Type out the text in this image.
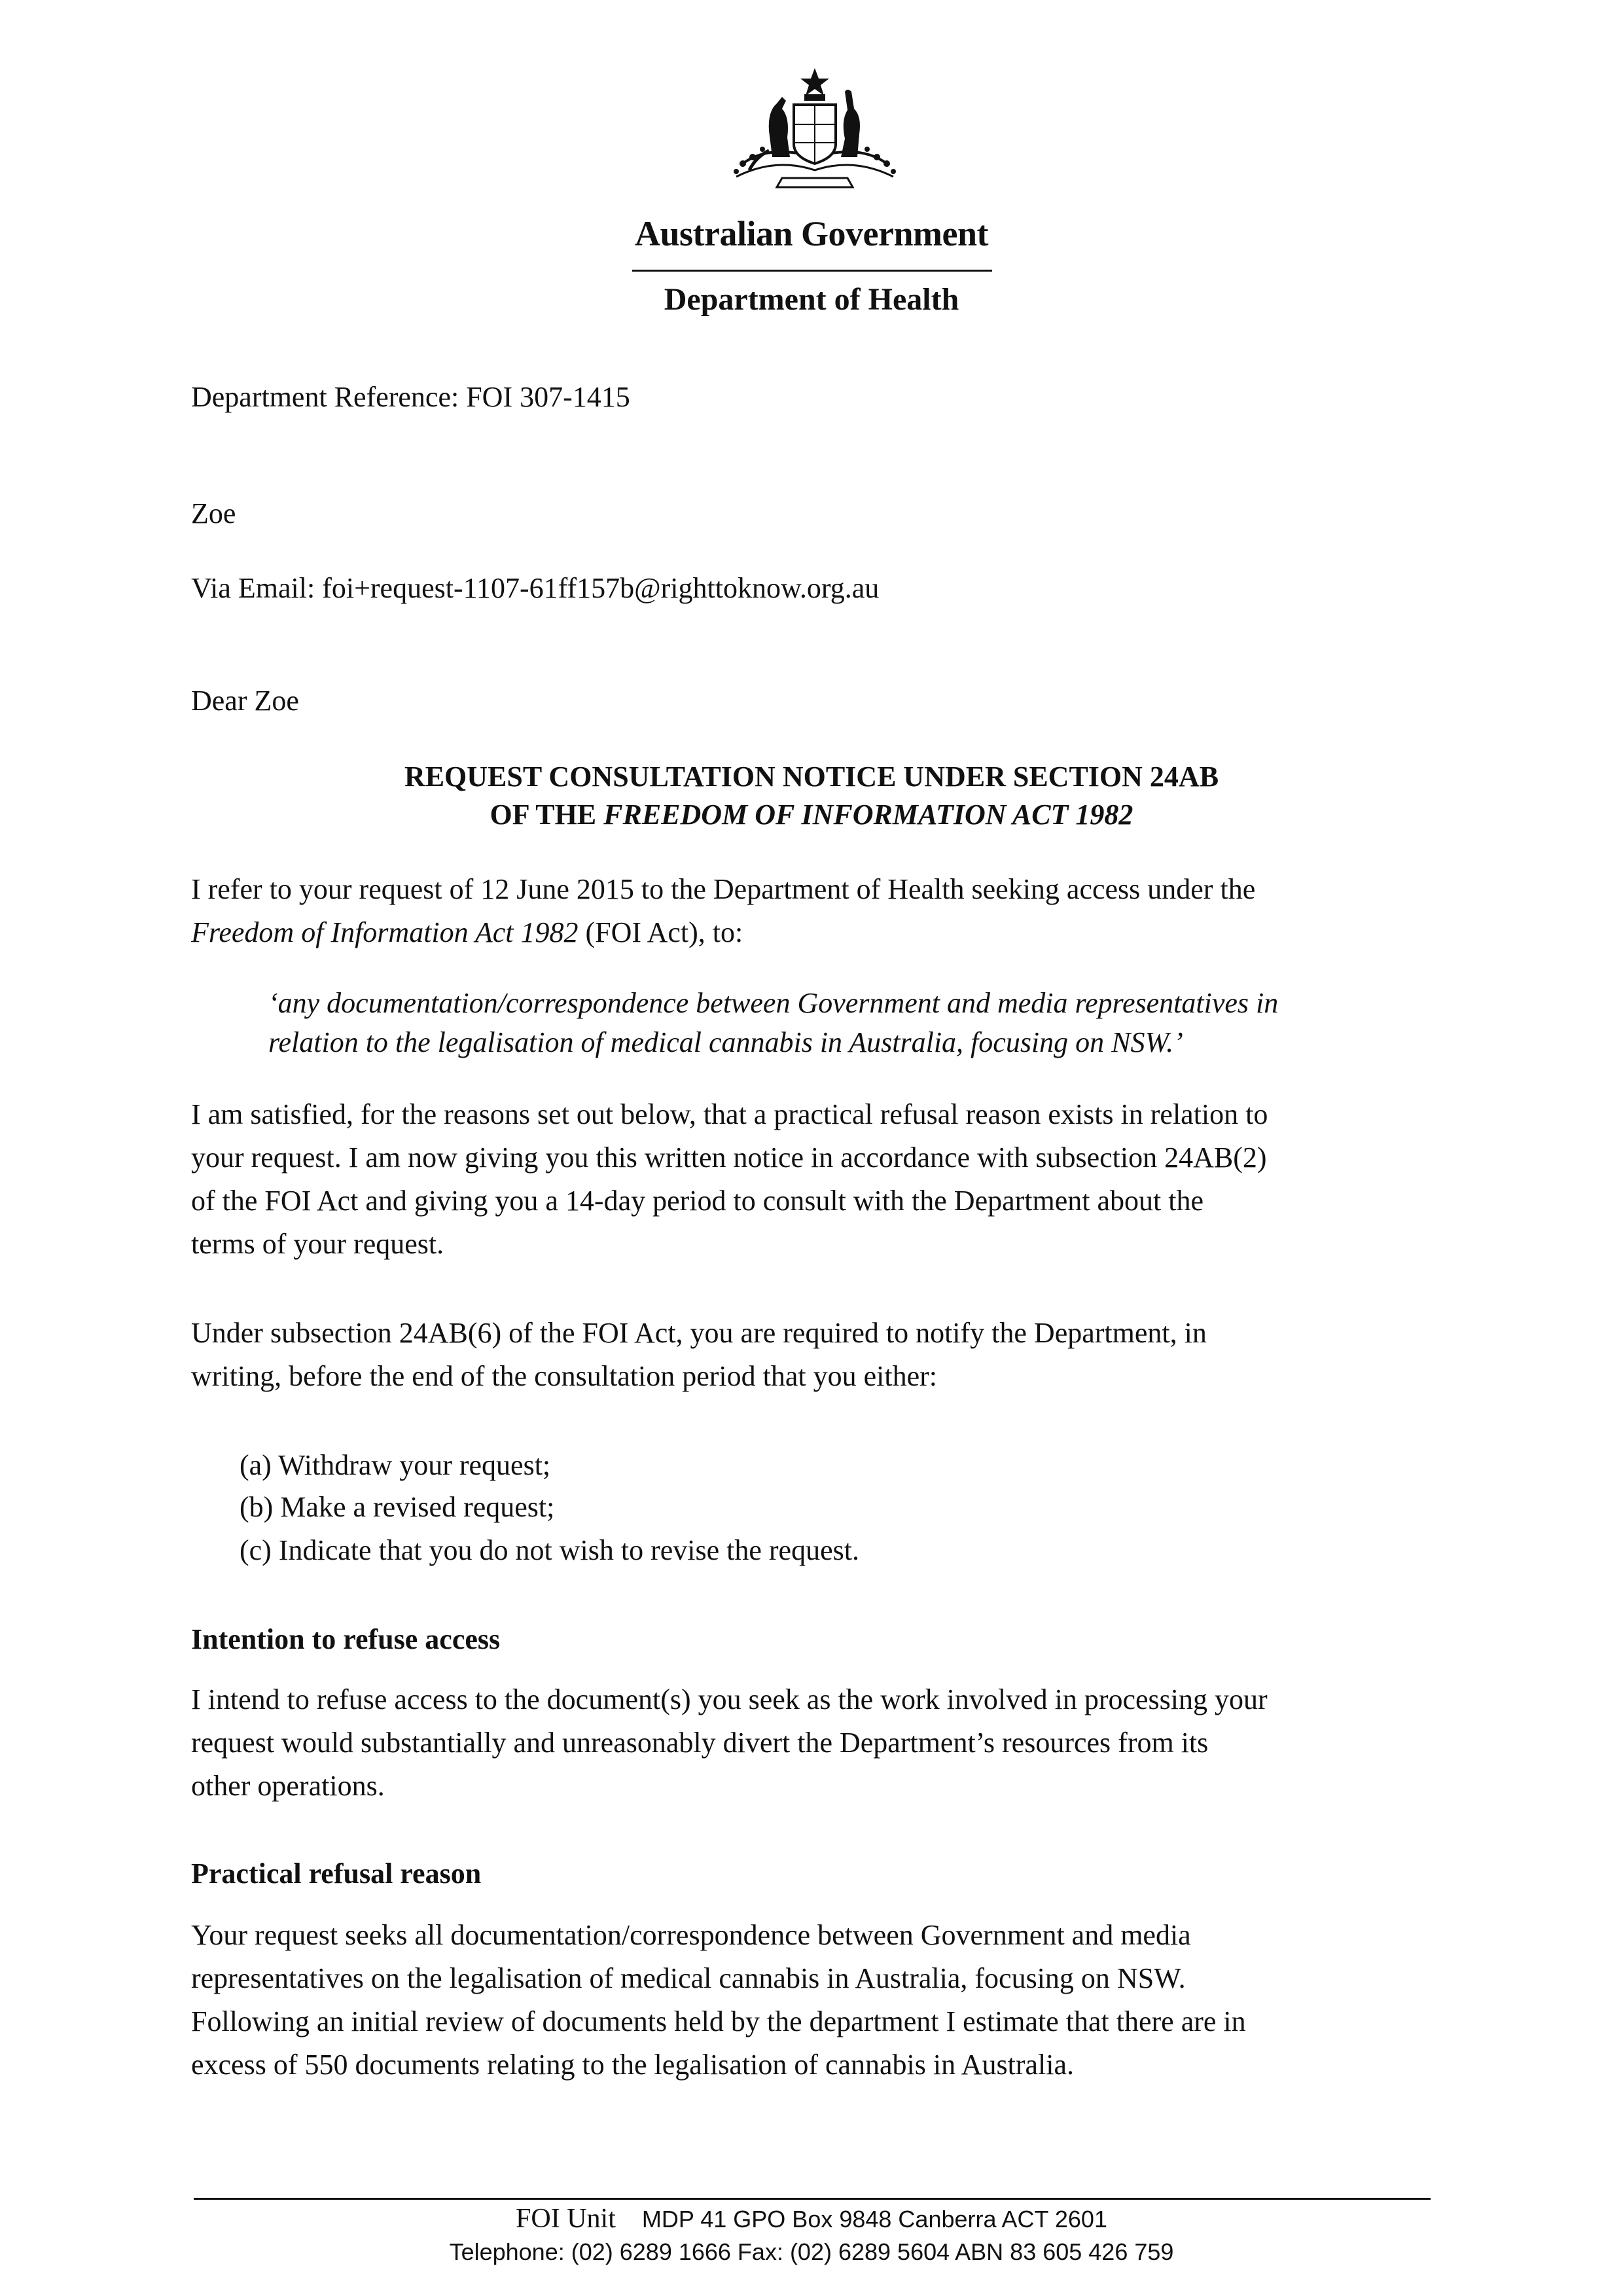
Australian Government
Department of Health
Department Reference: FOI 307-1415
Zoe
Via Email: foi+request-1107-61ff157b@righttoknow.org.au
Dear Zoe
REQUEST CONSULTATION NOTICE UNDER SECTION 24AB
OF THE FREEDOM OF INFORMATION ACT 1982
I refer to your request of 12 June 2015 to the Department of Health seeking access under the
Freedom of Information Act 1982 (FOI Act), to:
‘any documentation/correspondence between Government and media representatives in
relation to the legalisation of medical cannabis in Australia, focusing on NSW.’
I am satisfied, for the reasons set out below, that a practical refusal reason exists in relation to
your request. I am now giving you this written notice in accordance with subsection 24AB(2)
of the FOI Act and giving you a 14-day period to consult with the Department about the
terms of your request.
Under subsection 24AB(6) of the FOI Act, you are required to notify the Department, in
writing, before the end of the consultation period that you either:
(a) Withdraw your request;
(b) Make a revised request;
(c) Indicate that you do not wish to revise the request.
Intention to refuse access
I intend to refuse access to the document(s) you seek as the work involved in processing your
request would substantially and unreasonably divert the Department’s resources from its
other operations.
Practical refusal reason
Your request seeks all documentation/correspondence between Government and media
representatives on the legalisation of medical cannabis in Australia, focusing on NSW.
Following an initial review of documents held by the department I estimate that there are in
excess of 550 documents relating to the legalisation of cannabis in Australia.
FOI Unit MDP 41 GPO Box 9848 Canberra ACT 2601
Telephone: (02) 6289 1666 Fax: (02) 6289 5604 ABN 83 605 426 759
